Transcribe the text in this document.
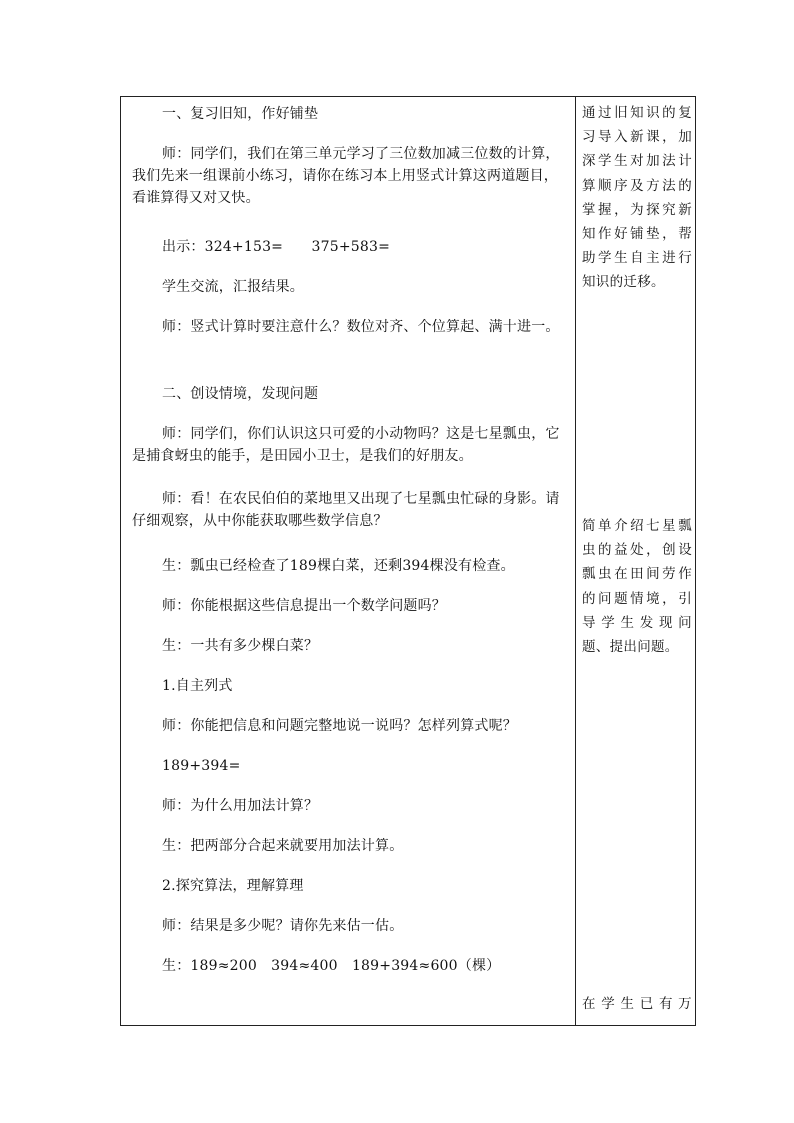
一、复习旧知，作好铺垫
师：同学们，我们在第三单元学习了三位数加减三位数的计算，我们先来一组课前小练习，请你在练习本上用竖式计算这两道题目，看谁算得又对又快。
出示：324+153=　　375+583=
学生交流，汇报结果。
师：竖式计算时要注意什么？数位对齐、个位算起、满十进一。
二、创设情境，发现问题
师：同学们，你们认识这只可爱的小动物吗？这是七星瓢虫，它是捕食蚜虫的能手，是田园小卫士，是我们的好朋友。
师：看！在农民伯伯的菜地里又出现了七星瓢虫忙碌的身影。请仔细观察，从中你能获取哪些数学信息？
生：瓢虫已经检查了189棵白菜，还剩394棵没有检查。
师：你能根据这些信息提出一个数学问题吗？
生：一共有多少棵白菜？
1.自主列式
师：你能把信息和问题完整地说一说吗？怎样列算式呢？
189+394=
师：为什么用加法计算？
生：把两部分合起来就要用加法计算。
2.探究算法，理解算理
师：结果是多少呢？请你先来估一估。
生：189≈200　394≈400　189+394≈600（棵）
通过旧知识的复习导入新课，加深学生对加法计算顺序及方法的掌握，为探究新知作好铺垫，帮助学生自主进行知识的迁移。
简单介绍七星瓢虫的益处，创设瓢虫在田间劳作的问题情境，引导学生发现问题、提出问题。
在学生已有万
